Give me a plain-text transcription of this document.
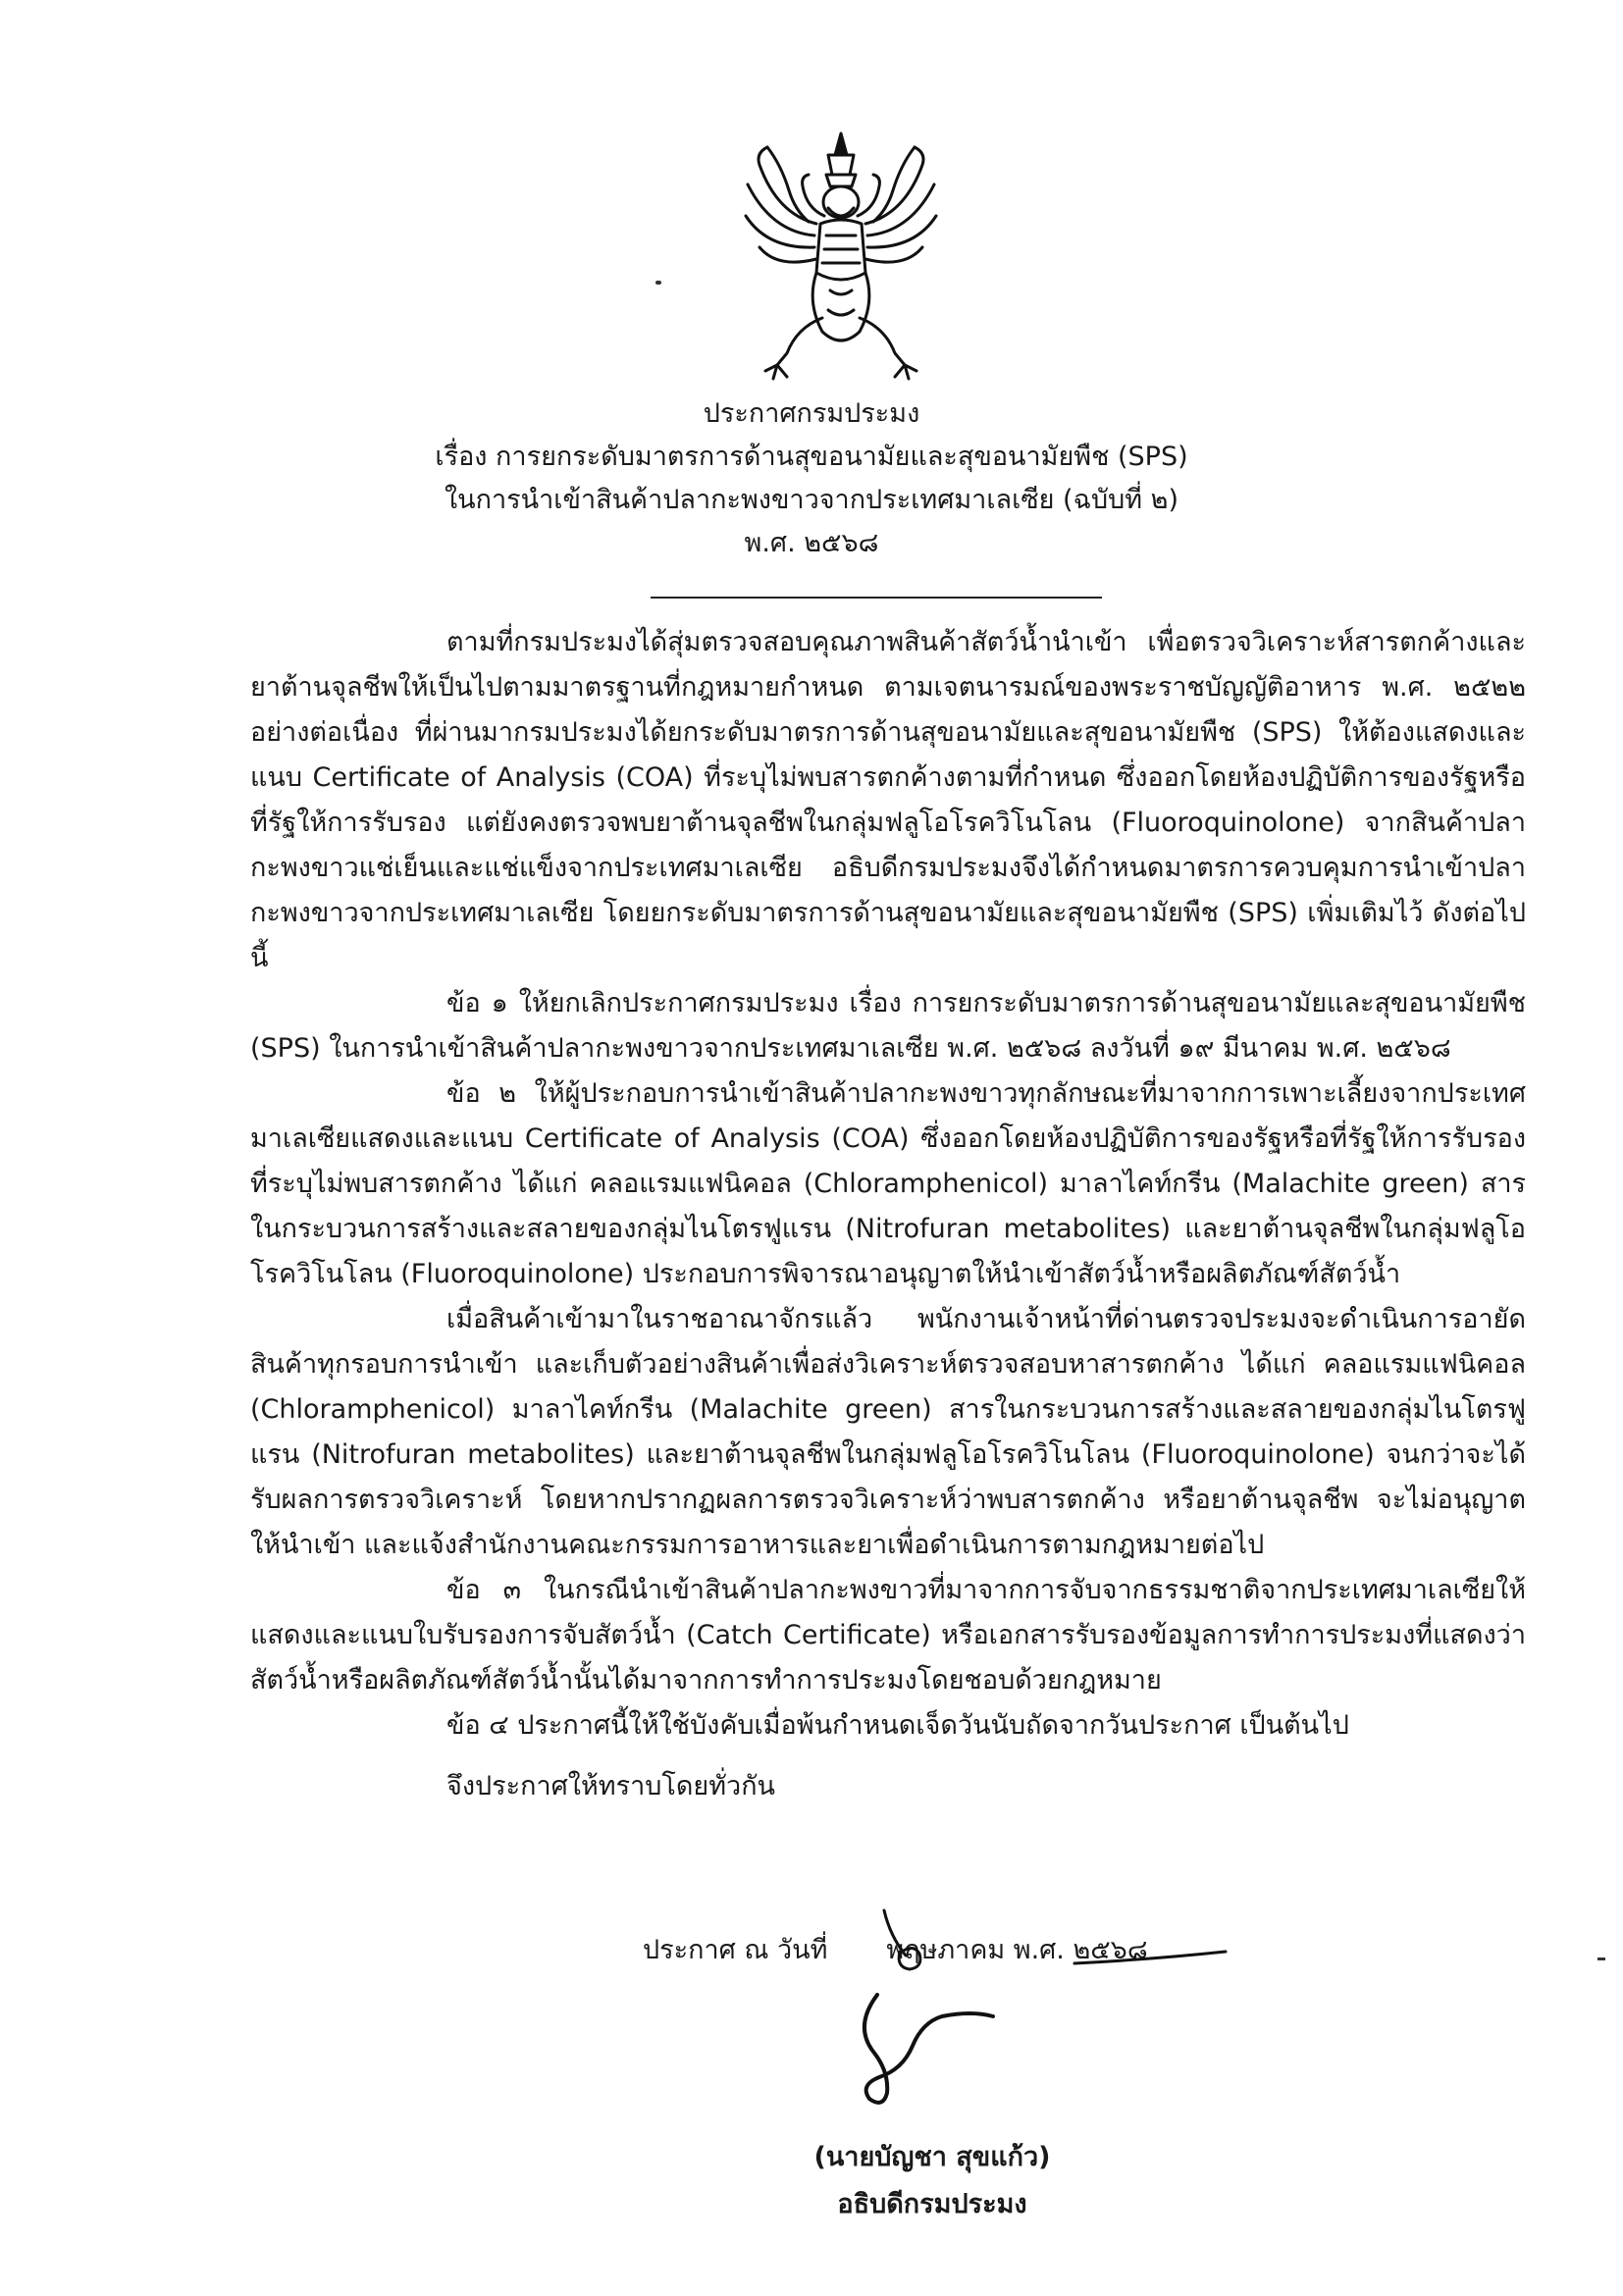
ประกาศกรมประมง
เรื่อง การยกระดับมาตรการด้านสุขอนามัยและสุขอนามัยพืช (SPS)
ในการนำเข้าสินค้าปลากะพงขาวจากประเทศมาเลเซีย (ฉบับที่ ๒)
พ.ศ. ๒๕๖๘

ตามที่กรมประมงได้สุ่มตรวจสอบคุณภาพสินค้าสัตว์น้ำนำเข้า เพื่อตรวจวิเคราะห์สารตกค้างและยาต้านจุลชีพให้เป็นไปตามมาตรฐานที่กฎหมายกำหนด ตามเจตนารมณ์ของพระราชบัญญัติอาหาร พ.ศ. ๒๕๒๒ อย่างต่อเนื่อง ที่ผ่านมากรมประมงได้ยกระดับมาตรการด้านสุขอนามัยและสุขอนามัยพืช (SPS) ให้ต้องแสดงและแนบ Certificate of Analysis (COA) ที่ระบุไม่พบสารตกค้างตามที่กำหนด ซึ่งออกโดยห้องปฏิบัติการของรัฐหรือที่รัฐให้การรับรอง แต่ยังคงตรวจพบยาต้านจุลชีพในกลุ่มฟลูโอโรควิโนโลน (Fluoroquinolone) จากสินค้าปลากะพงขาวแช่เย็นและแช่แข็งจากประเทศมาเลเซีย อธิบดีกรมประมงจึงได้กำหนดมาตรการควบคุมการนำเข้าปลากะพงขาวจากประเทศมาเลเซีย โดยยกระดับมาตรการด้านสุขอนามัยและสุขอนามัยพืช (SPS) เพิ่มเติมไว้ ดังต่อไปนี้

ข้อ ๑ ให้ยกเลิกประกาศกรมประมง เรื่อง การยกระดับมาตรการด้านสุขอนามัยและสุขอนามัยพืช (SPS) ในการนำเข้าสินค้าปลากะพงขาวจากประเทศมาเลเซีย พ.ศ. ๒๕๖๘ ลงวันที่ ๑๙ มีนาคม พ.ศ. ๒๕๖๘

ข้อ ๒ ให้ผู้ประกอบการนำเข้าสินค้าปลากะพงขาวทุกลักษณะที่มาจากการเพาะเลี้ยงจากประเทศมาเลเซียแสดงและแนบ Certificate of Analysis (COA) ซึ่งออกโดยห้องปฏิบัติการของรัฐหรือที่รัฐให้การรับรองที่ระบุไม่พบสารตกค้าง ได้แก่ คลอแรมแฟนิคอล (Chloramphenicol) มาลาไคท์กรีน (Malachite green) สารในกระบวนการสร้างและสลายของกลุ่มไนโตรฟูแรน (Nitrofuran metabolites) และยาต้านจุลชีพในกลุ่มฟลูโอโรควิโนโลน (Fluoroquinolone) ประกอบการพิจารณาอนุญาตให้นำเข้าสัตว์น้ำหรือผลิตภัณฑ์สัตว์น้ำ

เมื่อสินค้าเข้ามาในราชอาณาจักรแล้ว พนักงานเจ้าหน้าที่ด่านตรวจประมงจะดำเนินการอายัดสินค้าทุกรอบการนำเข้า และเก็บตัวอย่างสินค้าเพื่อส่งวิเคราะห์ตรวจสอบหาสารตกค้าง ได้แก่ คลอแรมแฟนิคอล (Chloramphenicol) มาลาไคท์กรีน (Malachite green) สารในกระบวนการสร้างและสลายของกลุ่มไนโตรฟูแรน (Nitrofuran metabolites) และยาต้านจุลชีพในกลุ่มฟลูโอโรควิโนโลน (Fluoroquinolone) จนกว่าจะได้รับผลการตรวจวิเคราะห์ โดยหากปรากฏผลการตรวจวิเคราะห์ว่าพบสารตกค้าง หรือยาต้านจุลชีพ จะไม่อนุญาตให้นำเข้า และแจ้งสำนักงานคณะกรรมการอาหารและยาเพื่อดำเนินการตามกฎหมายต่อไป

ข้อ ๓ ในกรณีนำเข้าสินค้าปลากะพงขาวที่มาจากการจับจากธรรมชาติจากประเทศมาเลเซียให้แสดงและแนบใบรับรองการจับสัตว์น้ำ (Catch Certificate) หรือเอกสารรับรองข้อมูลการทำการประมงที่แสดงว่าสัตว์น้ำหรือผลิตภัณฑ์สัตว์น้ำนั้นได้มาจากการทำการประมงโดยชอบด้วยกฎหมาย

ข้อ ๔ ประกาศนี้ให้ใช้บังคับเมื่อพ้นกำหนดเจ็ดวันนับถัดจากวันประกาศ เป็นต้นไป

จึงประกาศให้ทราบโดยทั่วกัน

ประกาศ ณ วันที่ พฤษภาคม พ.ศ. ๒๕๖๘
(นายบัญชา สุขแก้ว)
อธิบดีกรมประมง
